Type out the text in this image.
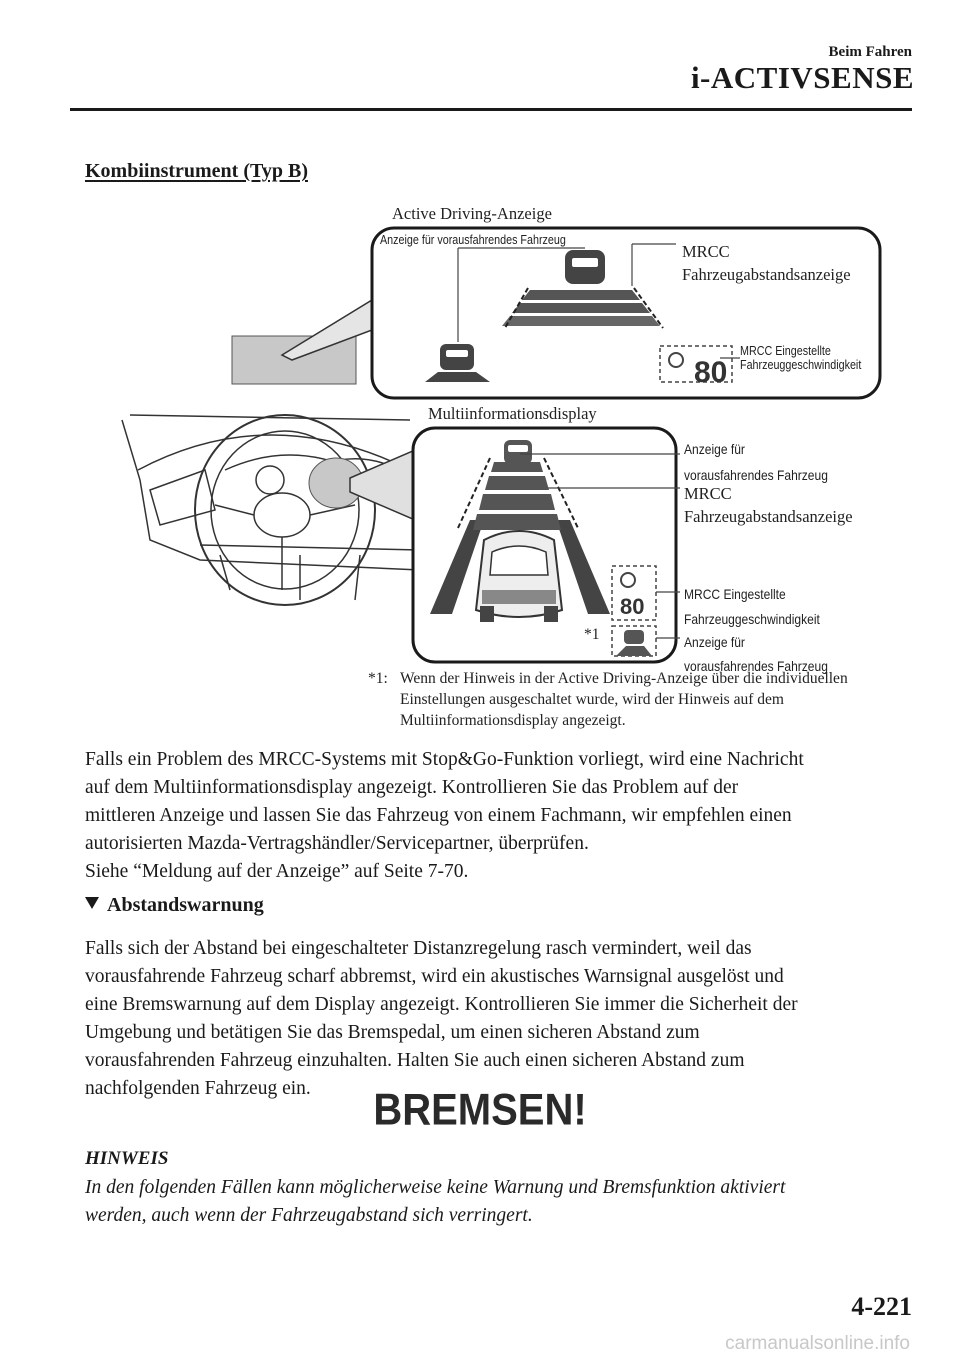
Beim Fahren
i-ACTIVSENSE
Kombiinstrument (Typ B)
80
80
Active Driving-Anzeige
Anzeige für vorausfahrendes Fahrzeug
MRCC
Fahrzeugabstandsanzeige
MRCC Eingestellte
Fahrzeuggeschwindigkeit
Multiinformationsdisplay
Anzeige für
vorausfahrendes Fahrzeug
MRCC
Fahrzeugabstandsanzeige
MRCC Eingestellte
Fahrzeuggeschwindigkeit
Anzeige für
vorausfahrendes Fahrzeug
*1
*1: Wenn der Hinweis in der Active Driving-Anzeige über die individuellen Einstellungen ausgeschaltet wurde, wird der Hinweis auf dem Multiinformationsdisplay angezeigt.
Falls ein Problem des MRCC-Systems mit Stop&Go-Funktion vorliegt, wird eine Nachricht
auf dem Multiinformationsdisplay angezeigt. Kontrollieren Sie das Problem auf der
mittleren Anzeige und lassen Sie das Fahrzeug von einem Fachmann, wir empfehlen einen
autorisierten Mazda-Vertragshändler/Servicepartner, überprüfen.
Siehe “Meldung auf der Anzeige” auf Seite 7-70.
Abstandswarnung
Falls sich der Abstand bei eingeschalteter Distanzregelung rasch vermindert, weil das
vorausfahrende Fahrzeug scharf abbremst, wird ein akustisches Warnsignal ausgelöst und
eine Bremswarnung auf dem Display angezeigt. Kontrollieren Sie immer die Sicherheit der
Umgebung und betätigen Sie das Bremspedal, um einen sicheren Abstand zum
vorausfahrenden Fahrzeug einzuhalten. Halten Sie auch einen sicheren Abstand zum
nachfolgenden Fahrzeug ein.	BREMSEN!
HINWEIS
In den folgenden Fällen kann möglicherweise keine Warnung und Bremsfunktion aktiviert
werden, auch wenn der Fahrzeugabstand sich verringert.
4-221
carmanualsonline.info
